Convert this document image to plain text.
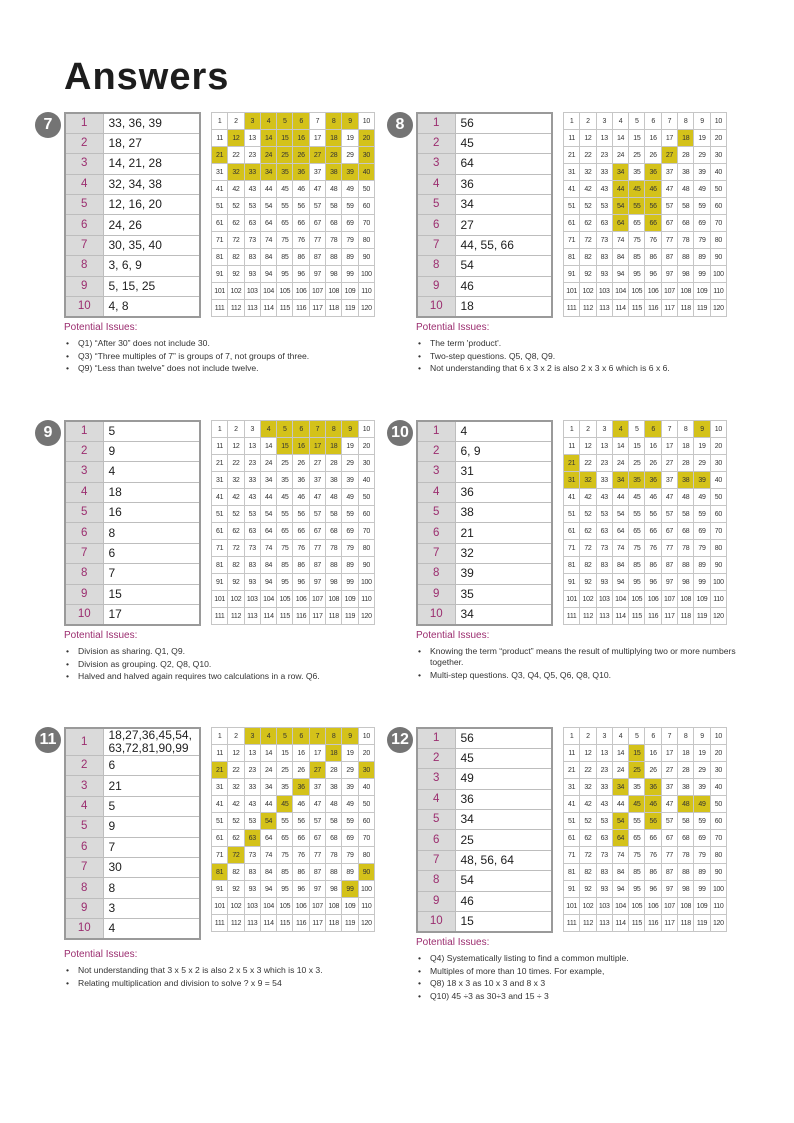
Answers
7	1	33, 36, 39
2	18, 27
3	14, 21, 28
4	32, 34, 38
5	12, 16, 20
6	24, 26
7	30, 35, 40
8	3, 6, 9
9	5, 15, 25
10	4, 8
1	2	3	4	5	6	7	8	9	10
11	12	13	14	15	16	17	18	19	20
21	22	23	24	25	26	27	28	29	30
31	32	33	34	35	36	37	38	39	40
41	42	43	44	45	46	47	48	49	50
51	52	53	54	55	56	57	58	59	60
61	62	63	64	65	66	67	68	69	70
71	72	73	74	75	76	77	78	79	80
81	82	83	84	85	86	87	88	89	90
91	92	93	94	95	96	97	98	99	100
101	102	103	104	105	106	107	108	109	110
111	112	113	114	115	116	117	118	119	120
Potential Issues:
• Q1) “After 30” does not include 30.
• Q3) “Three multiples of 7” is groups of 7, not groups of three.
• Q9) “Less than twelve” does not include twelve.
8	1	56
2	45
3	64
4	36
5	34
6	27
7	44, 55, 66
8	54
9	46
10	18
1	2	3	4	5	6	7	8	9	10
11	12	13	14	15	16	17	18	19	20
21	22	23	24	25	26	27	28	29	30
31	32	33	34	35	36	37	38	39	40
41	42	43	44	45	46	47	48	49	50
51	52	53	54	55	56	57	58	59	60
61	62	63	64	65	66	67	68	69	70
71	72	73	74	75	76	77	78	79	80
81	82	83	84	85	86	87	88	89	90
91	92	93	94	95	96	97	98	99	100
101	102	103	104	105	106	107	108	109	110
111	112	113	114	115	116	117	118	119	120
Potential Issues:
• The term 'product'.
• Two-step questions. Q5, Q8, Q9.
• Not understanding that 6 x 3 x 2 is also 2 x 3 x 6 which is 6 x 6.
9	1	5
2	9
3	4
4	18
5	16
6	8
7	6
8	7
9	15
10	17
1	2	3	4	5	6	7	8	9	10
11	12	13	14	15	16	17	18	19	20
21	22	23	24	25	26	27	28	29	30
31	32	33	34	35	36	37	38	39	40
41	42	43	44	45	46	47	48	49	50
51	52	53	54	55	56	57	58	59	60
61	62	63	64	65	66	67	68	69	70
71	72	73	74	75	76	77	78	79	80
81	82	83	84	85	86	87	88	89	90
91	92	93	94	95	96	97	98	99	100
101	102	103	104	105	106	107	108	109	110
111	112	113	114	115	116	117	118	119	120
Potential Issues:
• Division as sharing. Q1, Q9.
• Division as grouping. Q2, Q8, Q10.
• Halved and halved again requires two calculations in a row. Q6.
10	1	4
2	6, 9
3	31
4	36
5	38
6	21
7	32
8	39
9	35
10	34
1	2	3	4	5	6	7	8	9	10
11	12	13	14	15	16	17	18	19	20
21	22	23	24	25	26	27	28	29	30
31	32	33	34	35	36	37	38	39	40
41	42	43	44	45	46	47	48	49	50
51	52	53	54	55	56	57	58	59	60
61	62	63	64	65	66	67	68	69	70
71	72	73	74	75	76	77	78	79	80
81	82	83	84	85	86	87	88	89	90
91	92	93	94	95	96	97	98	99	100
101	102	103	104	105	106	107	108	109	110
111	112	113	114	115	116	117	118	119	120
Potential Issues:
• Knowing the term “product” means the result of multiplying two or more numbers together.
• Multi-step questions. Q3, Q4, Q5, Q6, Q8, Q10.
11	1	18,27,36,45,54, 63,72,81,90,99
2	6
3	21
4	5
5	9
6	7
7	30
8	8
9	3
10	4
1	2	3	4	5	6	7	8	9	10
11	12	13	14	15	16	17	18	19	20
21	22	23	24	25	26	27	28	29	30
31	32	33	34	35	36	37	38	39	40
41	42	43	44	45	46	47	48	49	50
51	52	53	54	55	56	57	58	59	60
61	62	63	64	65	66	67	68	69	70
71	72	73	74	75	76	77	78	79	80
81	82	83	84	85	86	87	88	89	90
91	92	93	94	95	96	97	98	99	100
101	102	103	104	105	106	107	108	109	110
111	112	113	114	115	116	117	118	119	120
Potential Issues:
• Not understanding that 3 x 5 x 2 is also 2 x 5 x 3 which is 10 x 3.
• Relating multiplication and division to solve ? x 9 = 54
12	1	56
2	45
3	49
4	36
5	34
6	25
7	48, 56, 64
8	54
9	46
10	15
1	2	3	4	5	6	7	8	9	10
11	12	13	14	15	16	17	18	19	20
21	22	23	24	25	26	27	28	29	30
31	32	33	34	35	36	37	38	39	40
41	42	43	44	45	46	47	48	49	50
51	52	53	54	55	56	57	58	59	60
61	62	63	64	65	66	67	68	69	70
71	72	73	74	75	76	77	78	79	80
81	82	83	84	85	86	87	88	89	90
91	92	93	94	95	96	97	98	99	100
101	102	103	104	105	106	107	108	109	110
111	112	113	114	115	116	117	118	119	120
Potential Issues:
• Q4) Systematically listing to find a common multiple.
• Multiples of more than 10 times. For example,
• Q8) 18 x 3 as 10 x 3 and 8 x 3
• Q10) 45 ÷3 as 30÷3 and 15 ÷ 3
